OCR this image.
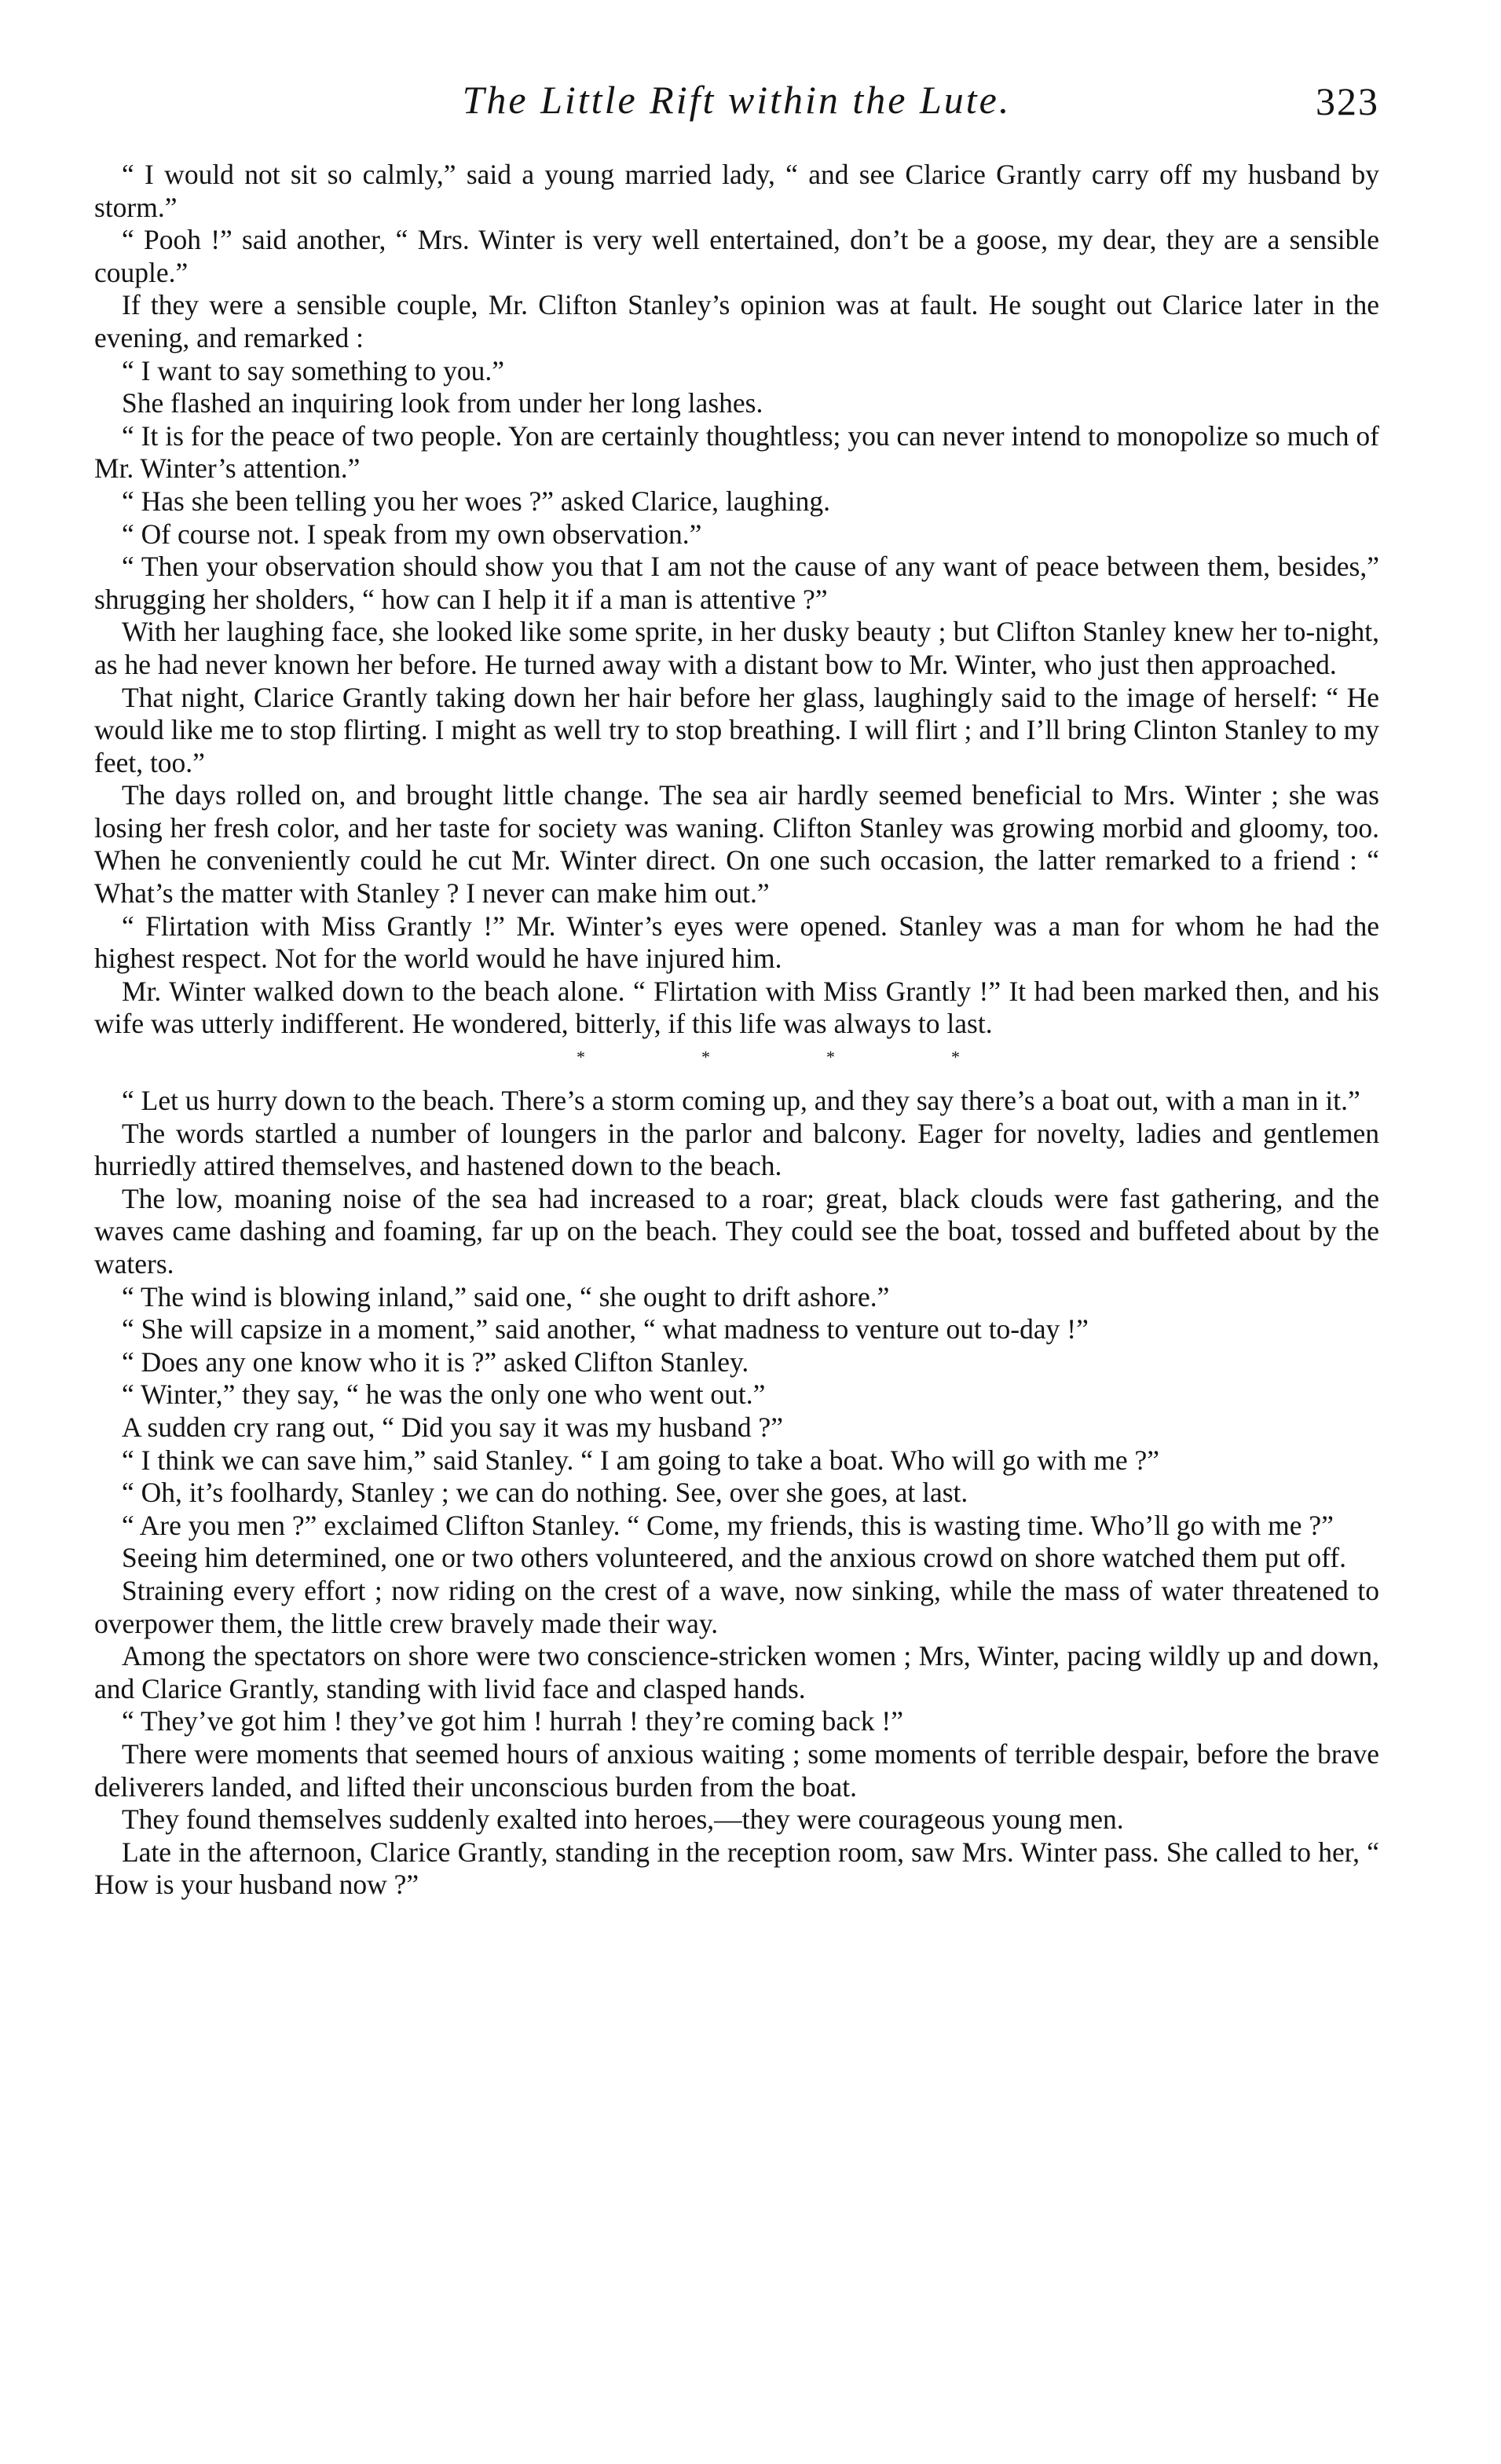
The Little Rift within the Lute.	323

“ I would not sit so calmly,” said a young married lady, “ and see Clarice Grantly carry off my husband by storm.”

“ Pooh !” said another, “ Mrs. Winter is very well entertained, don’t be a goose, my dear, they are a sensible couple.”

If they were a sensible couple, Mr. Clifton Stanley’s opinion was at fault. He sought out Clarice later in the evening, and remarked :

“ I want to say something to you.”

She flashed an inquiring look from under her long lashes.

“ It is for the peace of two people. Yon are certainly thoughtless; you can never intend to monopolize so much of Mr. Winter’s attention.”

“ Has she been telling you her woes ?” asked Clarice, laughing.

“ Of course not. I speak from my own observation.”

“ Then your observation should show you that I am not the cause of any want of peace between them, besides,” shrugging her sholders, “ how can I help it if a man is attentive ?”

With her laughing face, she looked like some sprite, in her dusky beauty ; but Clifton Stanley knew her to-night, as he had never known her before. He turned away with a distant bow to Mr. Winter, who just then approached.

That night, Clarice Grantly taking down her hair before her glass, laughingly said to the image of herself: “ He would like me to stop flirting. I might as well try to stop breathing. I will flirt ; and I’ll bring Clinton Stanley to my feet, too.”

The days rolled on, and brought little change. The sea air hardly seemed beneficial to Mrs. Winter ; she was losing her fresh color, and her taste for society was waning. Clifton Stanley was growing morbid and gloomy, too. When he conveniently could he cut Mr. Winter direct. On one such occasion, the latter remarked to a friend : “ What’s the matter with Stanley ? I never can make him out.”

“ Flirtation with Miss Grantly !” Mr. Winter’s eyes were opened. Stanley was a man for whom he had the highest respect. Not for the world would he have injured him.

Mr. Winter walked down to the beach alone. “ Flirtation with Miss Grantly !” It had been marked then, and his wife was utterly indifferent. He wondered, bitterly, if this life was always to last.

*	*	*	*

“ Let us hurry down to the beach. There’s a storm coming up, and they say there’s a boat out, with a man in it.”

The words startled a number of loungers in the parlor and balcony. Eager for novelty, ladies and gentlemen hurriedly attired themselves, and hastened down to the beach.

The low, moaning noise of the sea had increased to a roar; great, black clouds were fast gathering, and the waves came dashing and foaming, far up on the beach. They could see the boat, tossed and buffeted about by the waters.

“ The wind is blowing inland,” said one, “ she ought to drift ashore.”

“ She will capsize in a moment,” said another, “ what madness to venture out to-day !”

“ Does any one know who it is ?” asked Clifton Stanley.

“ Winter,” they say, “ he was the only one who went out.”

A sudden cry rang out, “ Did you say it was my husband ?”

“ I think we can save him,” said Stanley. “ I am going to take a boat. Who will go with me ?”

“ Oh, it’s foolhardy, Stanley ; we can do nothing. See, over she goes, at last.

“ Are you men ?” exclaimed Clifton Stanley. “ Come, my friends, this is wasting time. Who’ll go with me ?”

Seeing him determined, one or two others volunteered, and the anxious crowd on shore watched them put off.

Straining every effort ; now riding on the crest of a wave, now sinking, while the mass of water threatened to overpower them, the little crew bravely made their way.

Among the spectators on shore were two conscience-stricken women ; Mrs, Winter, pacing wildly up and down, and Clarice Grantly, standing with livid face and clasped hands.

“ They’ve got him ! they’ve got him ! hurrah ! they’re coming back !”

There were moments that seemed hours of anxious waiting ; some moments of terrible despair, before the brave deliverers landed, and lifted their unconscious burden from the boat.

They found themselves suddenly exalted into heroes,—they were courageous young men.

Late in the afternoon, Clarice Grantly, standing in the reception room, saw Mrs. Winter pass. She called to her, “ How is your husband now ?”
